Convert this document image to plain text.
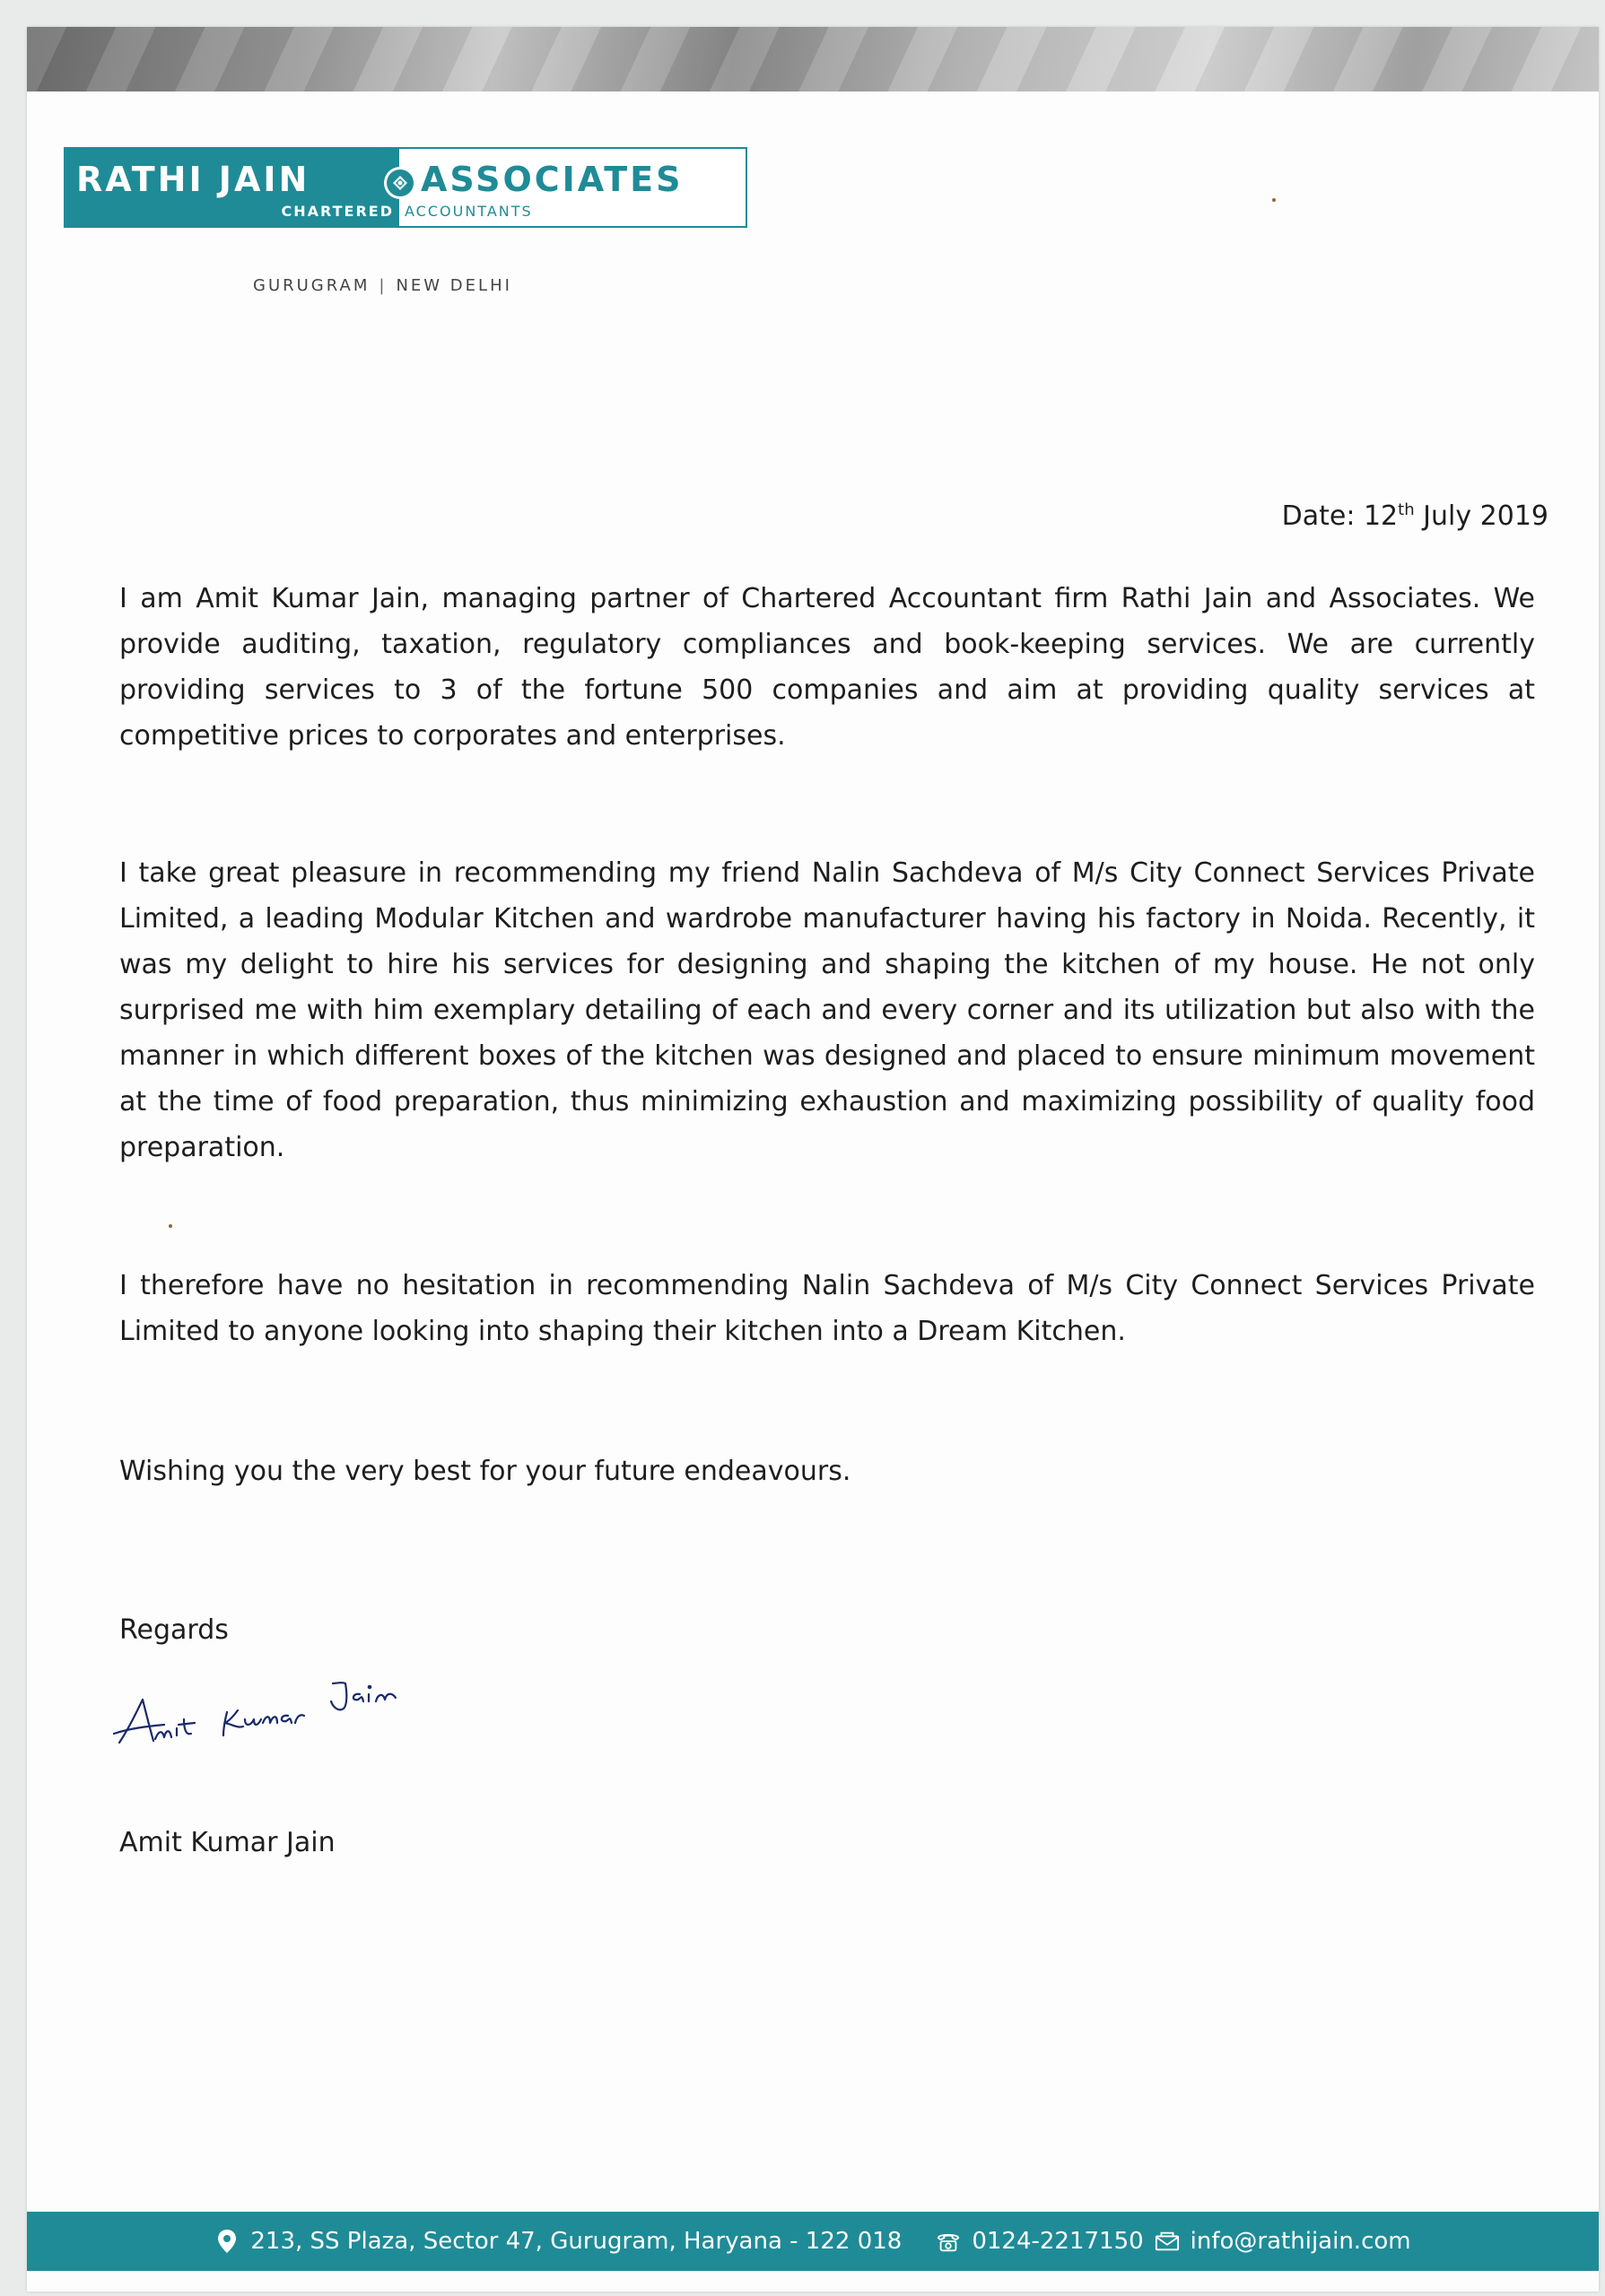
RATHI JAIN
CHARTERED
ASSOCIATES
ACCOUNTANTS
GURUGRAM | NEW DELHI
Date: 12th July 2019

I am Amit Kumar Jain, managing partner of Chartered Accountant firm Rathi Jain and Associates. We provide auditing, taxation, regulatory compliances and book-keeping services. We are currently providing services to 3 of the fortune 500 companies and aim at providing quality services at competitive prices to corporates and enterprises.

I take great pleasure in recommending my friend Nalin Sachdeva of M/s City Connect Services Private Limited, a leading Modular Kitchen and wardrobe manufacturer having his factory in Noida. Recently, it was my delight to hire his services for designing and shaping the kitchen of my house. He not only surprised me with him exemplary detailing of each and every corner and its utilization but also with the manner in which different boxes of the kitchen was designed and placed to ensure minimum movement at the time of food preparation, thus minimizing exhaustion and maximizing possibility of quality food preparation.

I therefore have no hesitation in recommending Nalin Sachdeva of M/s City Connect Services Private Limited to anyone looking into shaping their kitchen into a Dream Kitchen.

Wishing you the very best for your future endeavours.

Regards

Amit Kumar Jain

213, SS Plaza, Sector 47, Gurugram, Haryana - 122 018	0124-2217150 info@rathijain.com
